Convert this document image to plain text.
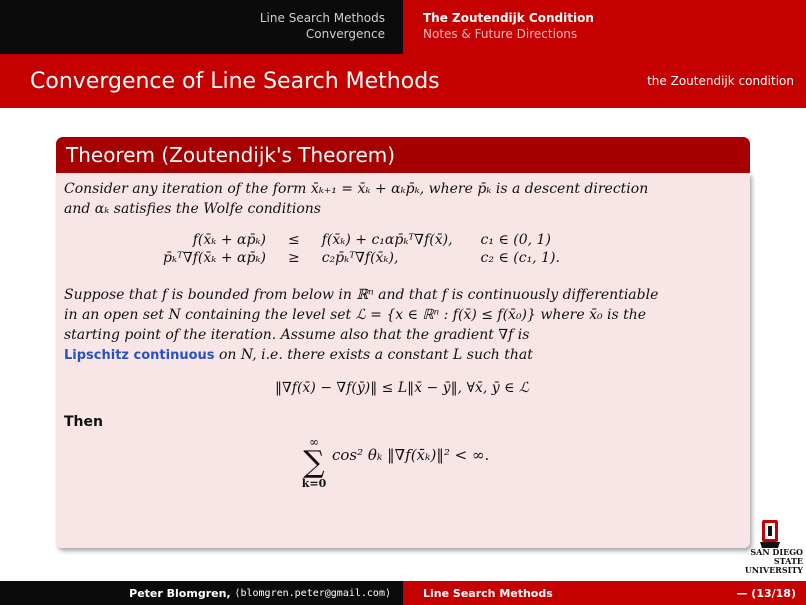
Line Search Methods
Convergence
The Zoutendijk Condition
Notes & Future Directions
Convergence of Line Search Methods	the Zoutendijk condition
Theorem (Zoutendijk's Theorem)
Consider any iteration of the form x̄ₖ₊₁ = x̄ₖ + αₖp̄ₖ, where p̄ₖ is a descent direction
and αₖ satisfies the Wolfe conditions
f(x̄ₖ + αp̄ₖ)	≤	f(x̄ₖ) + c₁αp̄ₖᵀ∇f(x̄),	c₁ ∈ (0, 1)
p̄ₖᵀ∇f(x̄ₖ + αp̄ₖ)	≥	c₂p̄ₖᵀ∇f(x̄ₖ),	c₂ ∈ (c₁, 1).
Suppose that f is bounded from below in ℝⁿ and that f is continuously differentiable
in an open set N containing the level set ℒ = {x ∈ ℝⁿ : f(x̄) ≤ f(x̄₀)} where x̄₀ is the
starting point of the iteration. Assume also that the gradient ∇f is
Lipschitz continuous on N, i.e. there exists a constant L such that
‖∇f(x̄) − ∇f(ȳ)‖ ≤ L‖x̄ − ȳ‖, ∀x̄, ȳ ∈ ℒ
Then
∞
∑
k=0
cos² θₖ ‖∇f(x̄ₖ)‖² < ∞.
SAN DIEGO STATE
UNIVERSITY
Peter Blomgren,
⟨blomgren.peter@gmail.com⟩	Line Search Methods	— (13/18)
